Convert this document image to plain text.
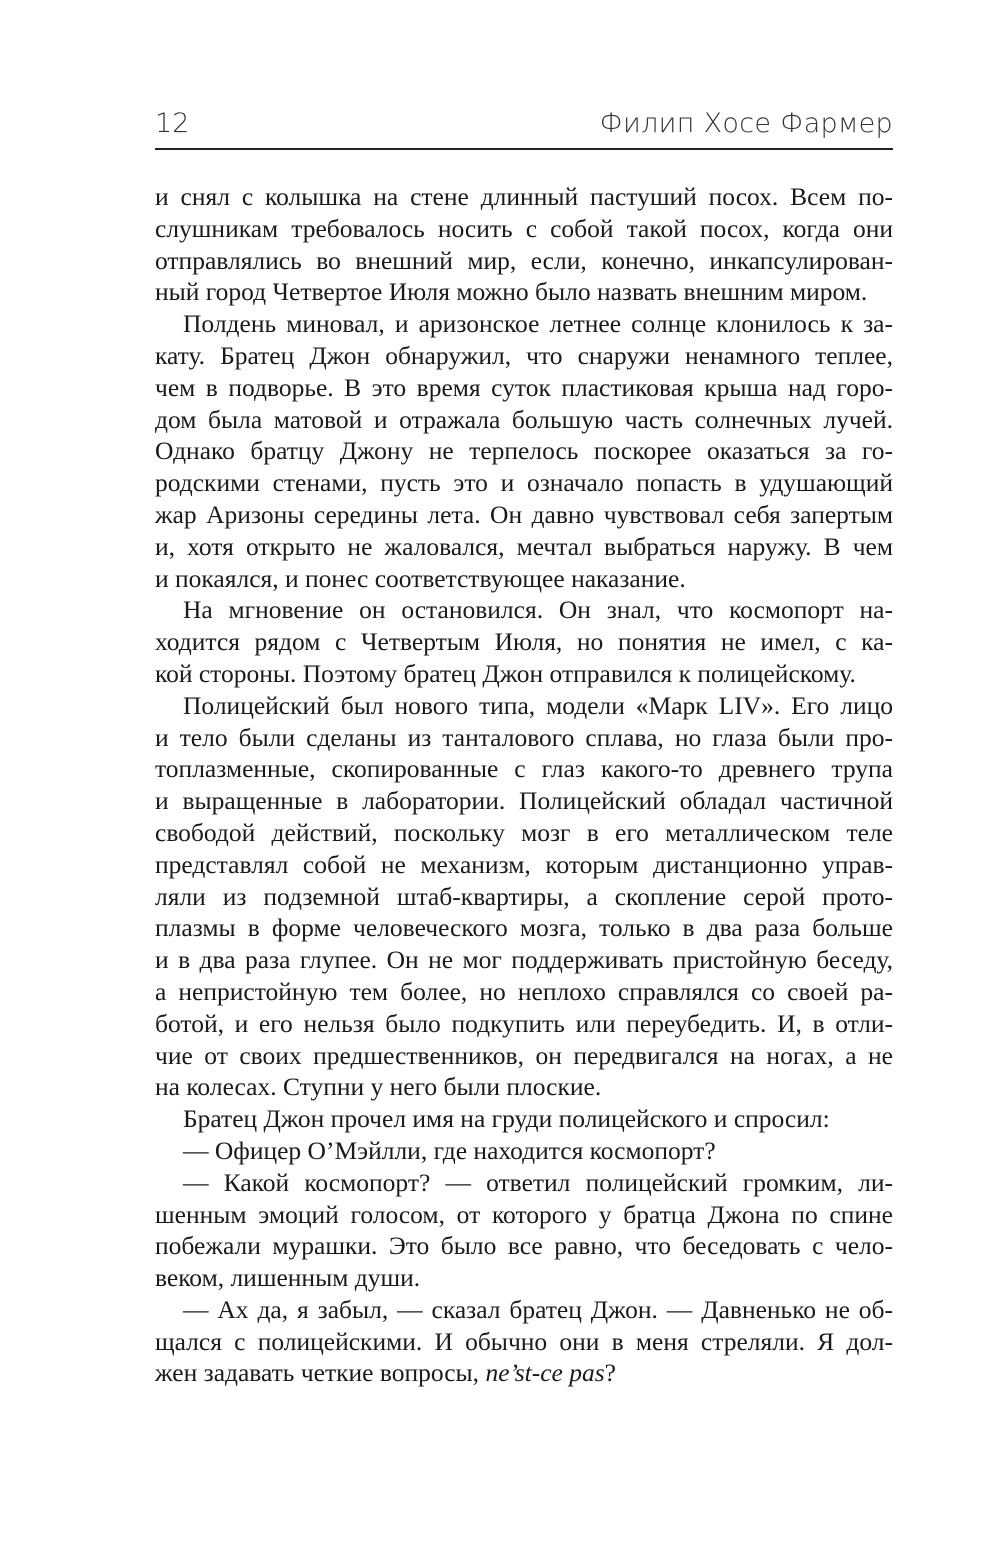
12	Филип Хосе Фармер
и снял с колышка на стене длинный пастуший посох. Всем по-
слушникам требовалось носить с собой такой посох, когда они
отправлялись во внешний мир, если, конечно, инкапсулирован-
ный город Четвертое Июля можно было назвать внешним миром.
Полдень миновал, и аризонское летнее солнце клонилось к за-
кату. Братец Джон обнаружил, что снаружи ненамного теплее,
чем в подворье. В это время суток пластиковая крыша над горо-
дом была матовой и отражала большую часть солнечных лучей.
Однако братцу Джону не терпелось поскорее оказаться за го-
родскими стенами, пусть это и означало попасть в удушающий
жар Аризоны середины лета. Он давно чувствовал себя запертым
и, хотя открыто не жаловался, мечтал выбраться наружу. В чем
и покаялся, и понес соответствующее наказание.
На мгновение он остановился. Он знал, что космопорт на-
ходится рядом с Четвертым Июля, но понятия не имел, с ка-
кой стороны. Поэтому братец Джон отправился к полицейскому.
Полицейский был нового типа, модели «Марк LIV». Его лицо
и тело были сделаны из танталового сплава, но глаза были про-
топлазменные, скопированные с глаз какого-то древнего трупа
и выращенные в лаборатории. Полицейский обладал частичной
свободой действий, поскольку мозг в его металлическом теле
представлял собой не механизм, которым дистанционно управ-
ляли из подземной штаб-квартиры, а скопление серой прото-
плазмы в форме человеческого мозга, только в два раза больше
и в два раза глупее. Он не мог поддерживать пристойную беседу,
а непристойную тем более, но неплохо справлялся со своей ра-
ботой, и его нельзя было подкупить или переубедить. И, в отли-
чие от своих предшественников, он передвигался на ногах, а не
на колесах. Ступни у него были плоские.
Братец Джон прочел имя на груди полицейского и спросил:
— Офицер О’Мэйлли, где находится космопорт?
— Какой космопорт? — ответил полицейский громким, ли-
шенным эмоций голосом, от которого у братца Джона по спине
побежали мурашки. Это было все равно, что беседовать с чело-
веком, лишенным души.
— Ах да, я забыл, — сказал братец Джон. — Давненько не об-
щался с полицейскими. И обычно они в меня стреляли. Я дол-
жен задавать четкие вопросы, ne’st-ce pas?
